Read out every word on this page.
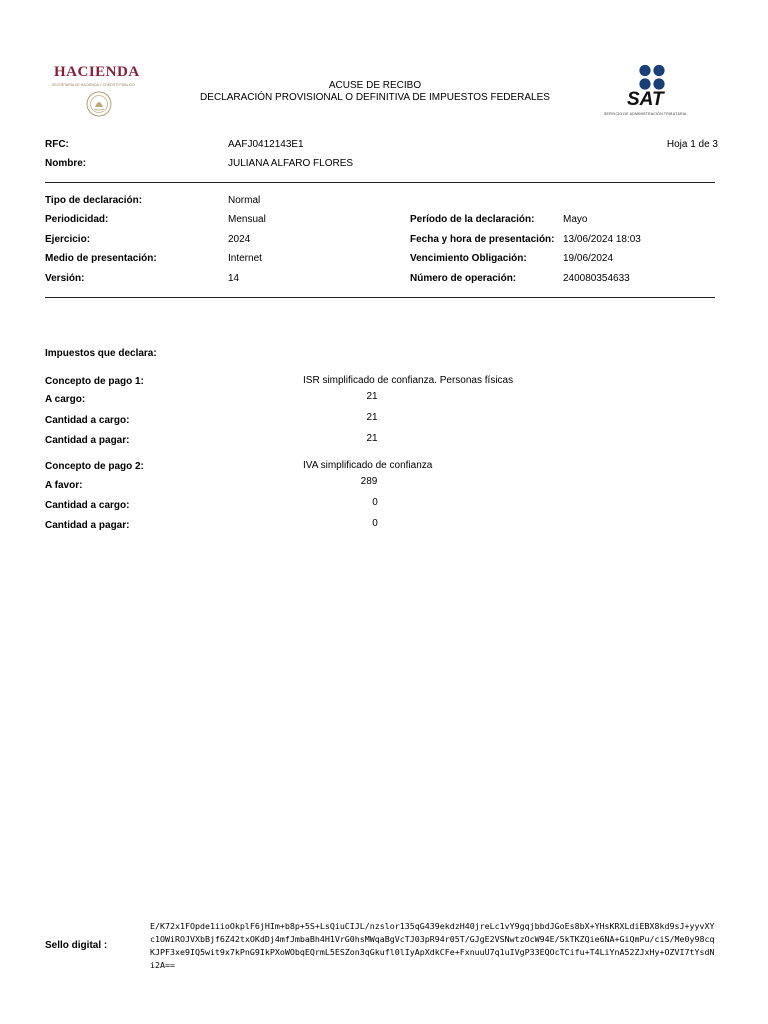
HACIENDA
SECRETARÍA DE HACIENDA Y CRÉDITO PÚBLICO	ACUSE DE RECIBO
DECLARACIÓN PROVISIONAL O DEFINITIVA DE IMPUESTOS FEDERALES	SAT
SERVICIO DE ADMINISTRACIÓN TRIBUTARIA
RFC:	AAFJ0412143E1	Hoja 1 de 3
Nombre:	JULIANA ALFARO FLORES
Tipo de declaración:	Normal
Periodicidad:	Mensual	Período de la declaración:	Mayo
Ejercicio:	2024	Fecha y hora de presentación: 13/06/2024 18:03
Medio de presentación:	Internet	Vencimiento Obligación:	19/06/2024
Versión:	14	Número de operación:	240080354633
Impuestos que declara:
Concepto de pago 1:	ISR simplificado de confianza. Personas físicas
A cargo:	21
Cantidad a cargo:	21
Cantidad a pagar:	21
Concepto de pago 2:	IVA simplificado de confianza
A favor:	289
Cantidad a cargo:	0
Cantidad a pagar:	0
Sello digital :
E/K72x1FOpde1iioOkplF6jHIm+b8p+5S+LsQiuCIJL/nzslor135qG439ekdzH40jreLc1vY9gqjbbdJGoEs8bX+YHsKRXLdiEBX8kd9sJ+yyvXYc1OWiROJVXbBjf6Z42txOKdDj4mfJmbaBh4H1VrG0hsMWqaBgVcTJ03pR94r05T/GJgE2VSNwtzOcW94E/5kTKZQie6NA+GiQmPu/ciS/Me0y98cqKJPF3xe9IQ5wit9x7kPnG9IkPXoWObqEQrmL5ESZon3qGkufl0lIyApXdkCFe+FxnuuU7q1uIVgP33EQOcTCifu+T4LiYnA52ZJxHy+OZVI7tYsdNi2A==
